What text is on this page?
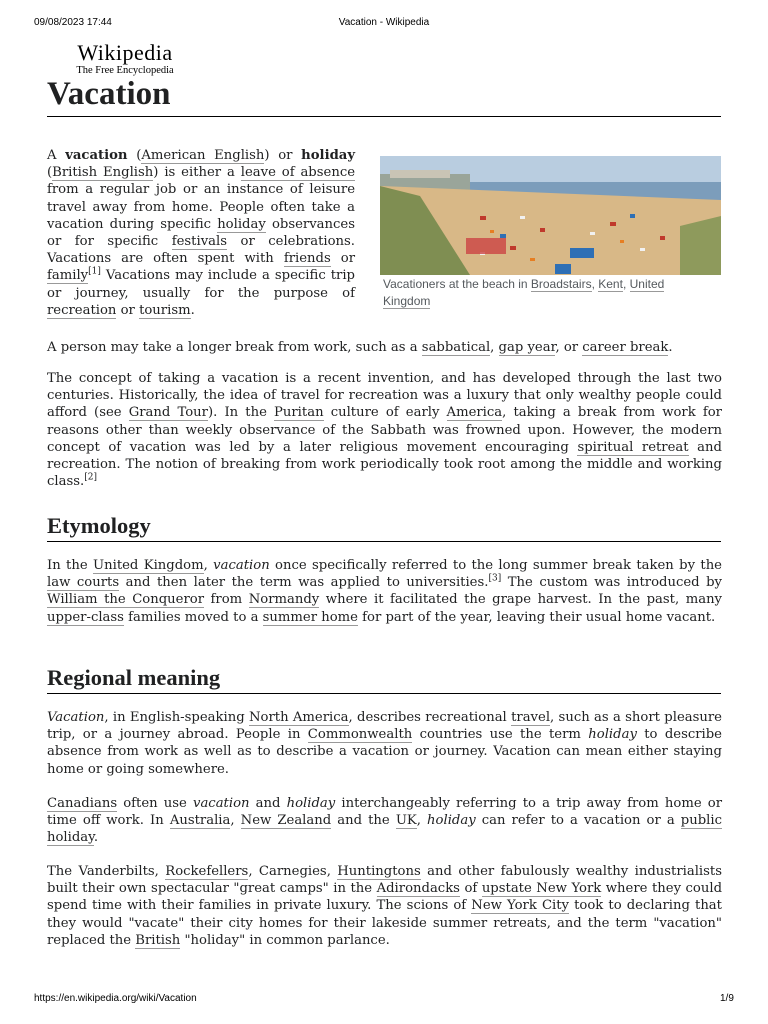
09/08/2023 17:44	Vacation - Wikipedia
Wikipedia
The Free Encyclopedia
Vacation

A vacation (American English) or holiday (British English) is either a leave of absence from a regular job or an instance of leisure travel away from home. People often take a vacation during specific holiday observances or for specific festivals or celebrations. Vacations are often spent with friends or family[1] Vacations may include a specific trip or journey, usually for the purpose of recreation or tourism.

Vacationers at the beach in Broadstairs, Kent, United Kingdom

A person may take a longer break from work, such as a sabbatical, gap year, or career break.

The concept of taking a vacation is a recent invention, and has developed through the last two centuries. Historically, the idea of travel for recreation was a luxury that only wealthy people could afford (see Grand Tour). In the Puritan culture of early America, taking a break from work for reasons other than weekly observance of the Sabbath was frowned upon. However, the modern concept of vacation was led by a later religious movement encouraging spiritual retreat and recreation. The notion of breaking from work periodically took root among the middle and working class.[2]

Etymology

In the United Kingdom, vacation once specifically referred to the long summer break taken by the law courts and then later the term was applied to universities.[3] The custom was introduced by William the Conqueror from Normandy where it facilitated the grape harvest. In the past, many upper-class families moved to a summer home for part of the year, leaving their usual home vacant.

Regional meaning

Vacation, in English-speaking North America, describes recreational travel, such as a short pleasure trip, or a journey abroad. People in Commonwealth countries use the term holiday to describe absence from work as well as to describe a vacation or journey. Vacation can mean either staying home or going somewhere.

Canadians often use vacation and holiday interchangeably referring to a trip away from home or time off work. In Australia, New Zealand and the UK, holiday can refer to a vacation or a public holiday.

The Vanderbilts, Rockefellers, Carnegies, Huntingtons and other fabulously wealthy industrialists built their own spectacular "great camps" in the Adirondacks of upstate New York where they could spend time with their families in private luxury. The scions of New York City took to declaring that they would "vacate" their city homes for their lakeside summer retreats, and the term "vacation" replaced the British "holiday" in common parlance.

https://en.wikipedia.org/wiki/Vacation	1/9
